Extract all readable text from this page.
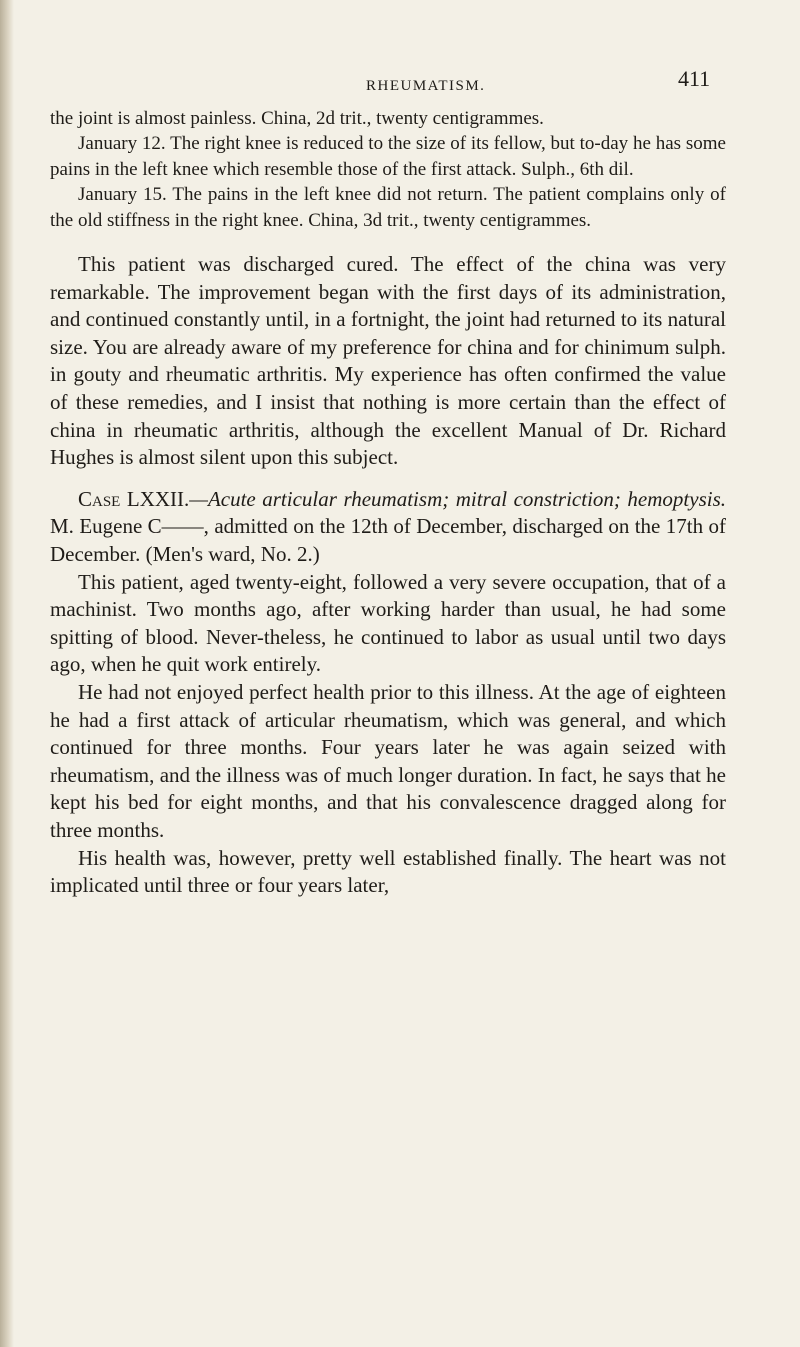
RHEUMATISM.	411

the joint is almost painless. China, 2d trit., twenty centigrammes.

January 12. The right knee is reduced to the size of its fellow, but to-day he has some pains in the left knee which resemble those of the first attack. Sulph., 6th dil.

January 15. The pains in the left knee did not return. The patient complains only of the old stiffness in the right knee. China, 3d trit., twenty centigrammes.

This patient was discharged cured. The effect of the china was very remarkable. The improvement began with the first days of its administration, and continued constantly until, in a fortnight, the joint had returned to its natural size. You are already aware of my preference for china and for chinimum sulph. in gouty and rheumatic arthritis. My experience has often confirmed the value of these remedies, and I insist that nothing is more certain than the effect of china in rheumatic arthritis, although the excellent Manual of Dr. Richard Hughes is almost silent upon this subject.

Case LXXII.—Acute articular rheumatism; mitral constriction; hemoptysis. M. Eugene C——, admitted on the 12th of December, discharged on the 17th of December. (Men's ward, No. 2.)

This patient, aged twenty-eight, followed a very severe occupation, that of a machinist. Two months ago, after working harder than usual, he had some spitting of blood. Never-theless, he continued to labor as usual until two days ago, when he quit work entirely.

He had not enjoyed perfect health prior to this illness. At the age of eighteen he had a first attack of articular rheumatism, which was general, and which continued for three months. Four years later he was again seized with rheumatism, and the illness was of much longer duration. In fact, he says that he kept his bed for eight months, and that his convalescence dragged along for three months.

His health was, however, pretty well established finally. The heart was not implicated until three or four years later,
